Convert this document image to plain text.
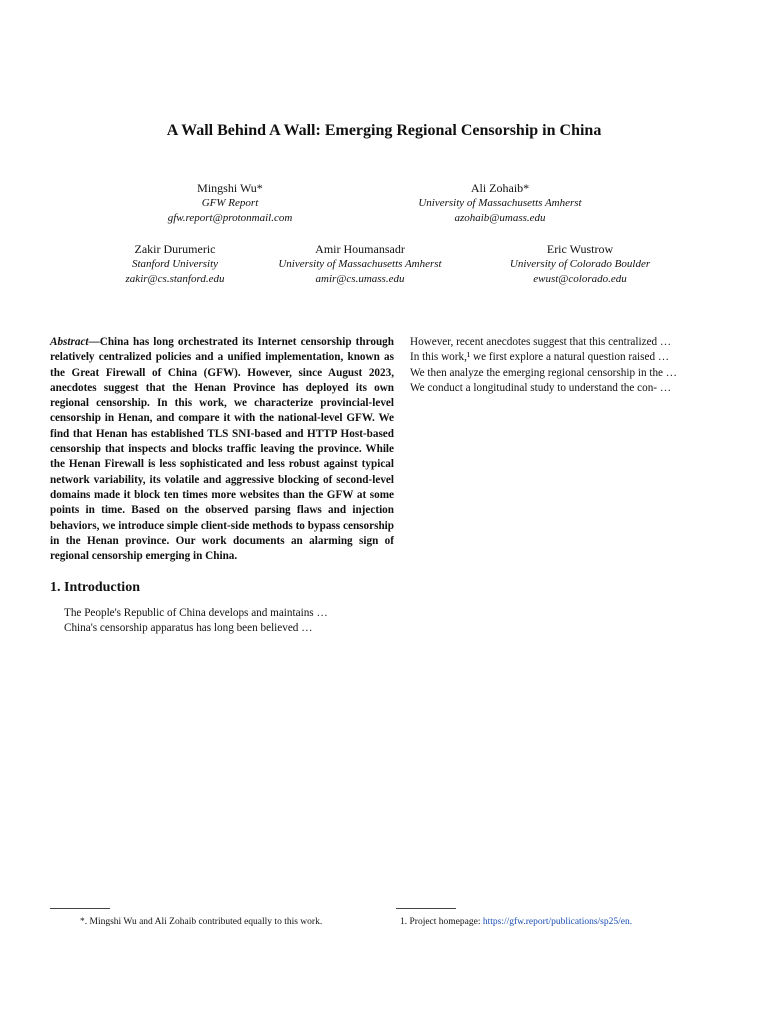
A Wall Behind A Wall: Emerging Regional Censorship in China
Mingshi Wu*
GFW Report
gfw.report@protonmail.com
Ali Zohaib*
University of Massachusetts Amherst
azohaib@umass.edu
Zakir Durumeric
Stanford University
zakir@cs.stanford.edu
Amir Houmansadr
University of Massachusetts Amherst
amir@cs.umass.edu
Eric Wustrow
University of Colorado Boulder
ewust@colorado.edu
Abstract—China has long orchestrated its Internet censorship through relatively centralized policies and a unified implementation, known as the Great Firewall of China (GFW). However, since August 2023, anecdotes suggest that the Henan Province has deployed its own regional censorship. In this work, we characterize provincial-level censorship in Henan, and compare it with the national-level GFW. We find that Henan has established TLS SNI-based and HTTP Host-based censorship that inspects and blocks traffic leaving the province. While the Henan Firewall is less sophisticated and less robust against typical network variability, its volatile and aggressive blocking of second-level domains made it block ten times more websites than the GFW at some points in time. Based on the observed parsing flaws and injection behaviors, we introduce simple client-side methods to bypass censorship in the Henan province. Our work documents an alarming sign of regional censorship emerging in China.
1. Introduction

The People's Republic of China develops and maintains …

China's censorship apparatus has long been believed …

However, recent anecdotes suggest that this centralized …

In this work,¹ we first explore a natural question raised …

We then analyze the emerging regional censorship in the …

We conduct a longitudinal study to understand the con- …

*. Mingshi Wu and Ali Zohaib contributed equally to this work.	1. Project homepage: https://gfw.report/publications/sp25/en.
